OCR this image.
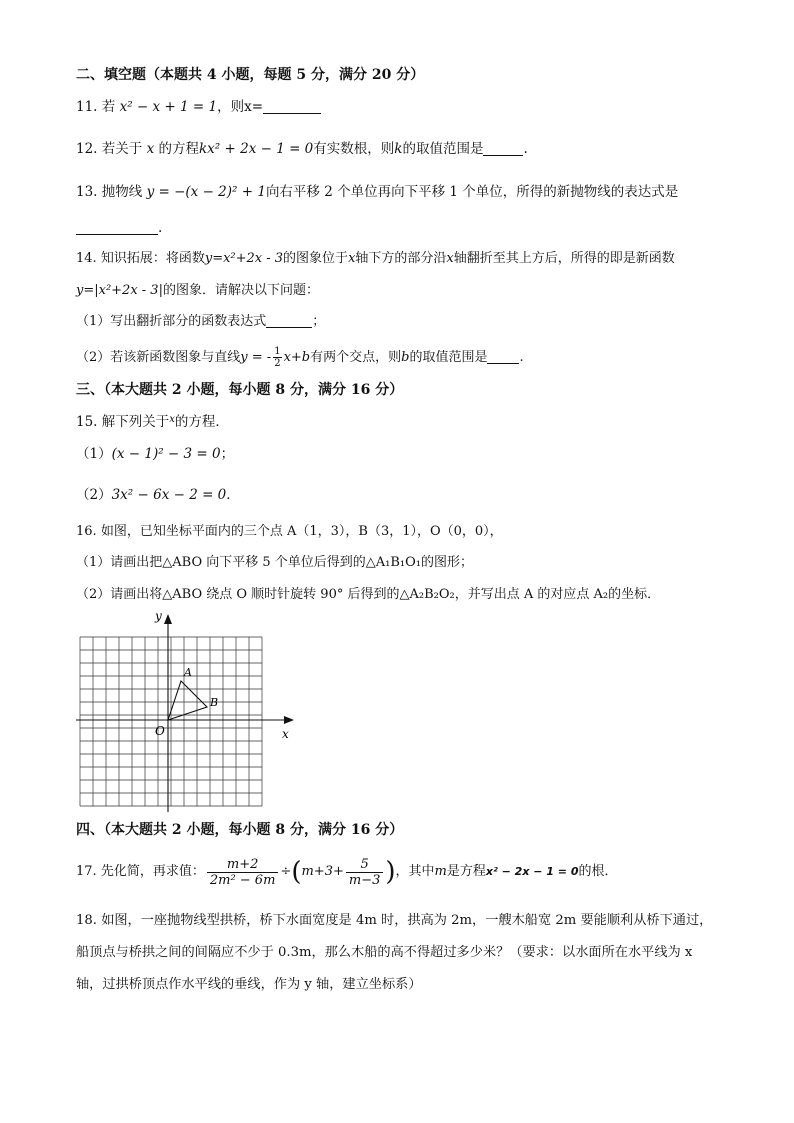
二、填空题（本题共 4 小题，每题 5 分，满分 20 分）
11. 若 x² − x + 1 = 1，则x=
12. 若关于 x 的方程kx² + 2x − 1 = 0有实数根，则k的取值范围是	.
13. 抛物线 y = −(x − 2)² + 1向右平移 2 个单位再向下平移 1 个单位，所得的新抛物线的表达式是
.
14. 知识拓展：将函数y=x²+2x - 3的图象位于x轴下方的部分沿x轴翻折至其上方后，所得的即是新函数
y=|x²+2x - 3|的图象．请解决以下问题：
（1）写出翻折部分的函数表达式	；
（2）若该新函数图象与直线y = - $\frac{1}{2} x+b$有两个交点，则b的取值范围是 .
三、（本大题共 2 小题，每小题 8 分，满分 16 分）
15. 解下列关于$^x$的方程．
（1）(x − 1)² − 3 = 0；
（2）3x² − 6x − 2 = 0．
16. 如图，已知坐标平面内的三个点 A（1，3），B（3，1），O（0，0），
（1）请画出把△ABO 向下平移 5 个单位后得到的△A₁B₁O₁的图形；
（2）请画出将△ABO 绕点 O 顺时针旋转 90° 后得到的△A₂B₂O₂，并写出点 A 的对应点 A₂的坐标．
y
x
O
A
B
四、（本大题共 2 小题，每小题 8 分，满分 16 分）
17.
先化简，再求值： $\frac{m+2}{\text{2m² − 6m}}$ ÷ ( $m+3+ \frac{5}{m-3}$ ) ，其中 m 是方程 x² − 2x − 1 = 0 的根．
18. 如图，一座抛物线型拱桥，桥下水面宽度是 4m 时，拱高为 2m，一艘木船宽 2m 要能顺利从桥下通过，
船顶点与桥拱之间的间隔应不少于 0.3m，那么木船的高不得超过多少米？（要求：以水面所在水平线为 x
轴，过拱桥顶点作水平线的垂线，作为 y 轴，建立坐标系）
